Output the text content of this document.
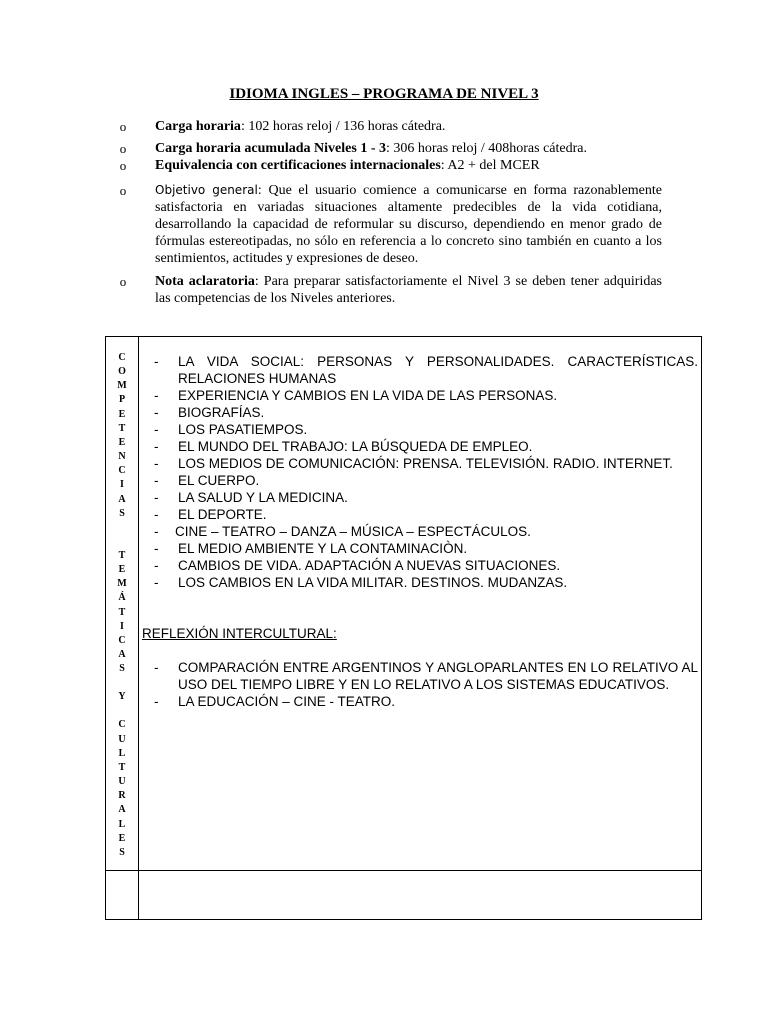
IDIOMA INGLES – PROGRAMA DE NIVEL 3
o Carga horaria: 102 horas reloj / 136 horas cátedra.
o Carga horaria acumulada Niveles 1 - 3: 306 horas reloj / 408horas cátedra.
o Equivalencia con certificaciones internacionales: A2 + del MCER
o Objetivo general: Que el usuario comience a comunicarse en forma razonablemente satisfactoria en variadas situaciones altamente predecibles de la vida cotidiana, desarrollando la capacidad de reformular su discurso, dependiendo en menor grado de fórmulas estereotipadas, no sólo en referencia a lo concreto sino también en cuanto a los sentimientos, actitudes y expresiones de deseo.
o Nota aclaratoria: Para preparar satisfactoriamente el Nivel 3 se deben tener adquiridas las competencias de los Niveles anteriores.
C
O
M
P
E
T
E
N
C
I
A
S
T
E
M
Á
T
I
C
A
S
Y
C
U
L
T
U
R
A
L
E
S
- LA VIDA SOCIAL: PERSONAS Y PERSONALIDADES. CARACTERÍSTICAS. RELACIONES HUMANAS
- EXPERIENCIA Y CAMBIOS EN LA VIDA DE LAS PERSONAS.
- BIOGRAFÍAS.
- LOS PASATIEMPOS.
- EL MUNDO DEL TRABAJO: LA BÚSQUEDA DE EMPLEO.
- LOS MEDIOS DE COMUNICACIÓN: PRENSA. TELEVISIÓN. RADIO. INTERNET.
- EL CUERPO.
- LA SALUD Y LA MEDICINA.
- EL DEPORTE.
- CINE – TEATRO – DANZA – MÚSICA – ESPECTÁCULOS.
- EL MEDIO AMBIENTE Y LA CONTAMINACIÒN.
- CAMBIOS DE VIDA. ADAPTACIÓN A NUEVAS SITUACIONES.
- LOS CAMBIOS EN LA VIDA MILITAR. DESTINOS. MUDANZAS.
REFLEXIÓN INTERCULTURAL:
- COMPARACIÓN ENTRE ARGENTINOS Y ANGLOPARLANTES EN LO RELATIVO AL USO DEL TIEMPO LIBRE Y EN LO RELATIVO A LOS SISTEMAS EDUCATIVOS.
- LA EDUCACIÓN – CINE - TEATRO.
